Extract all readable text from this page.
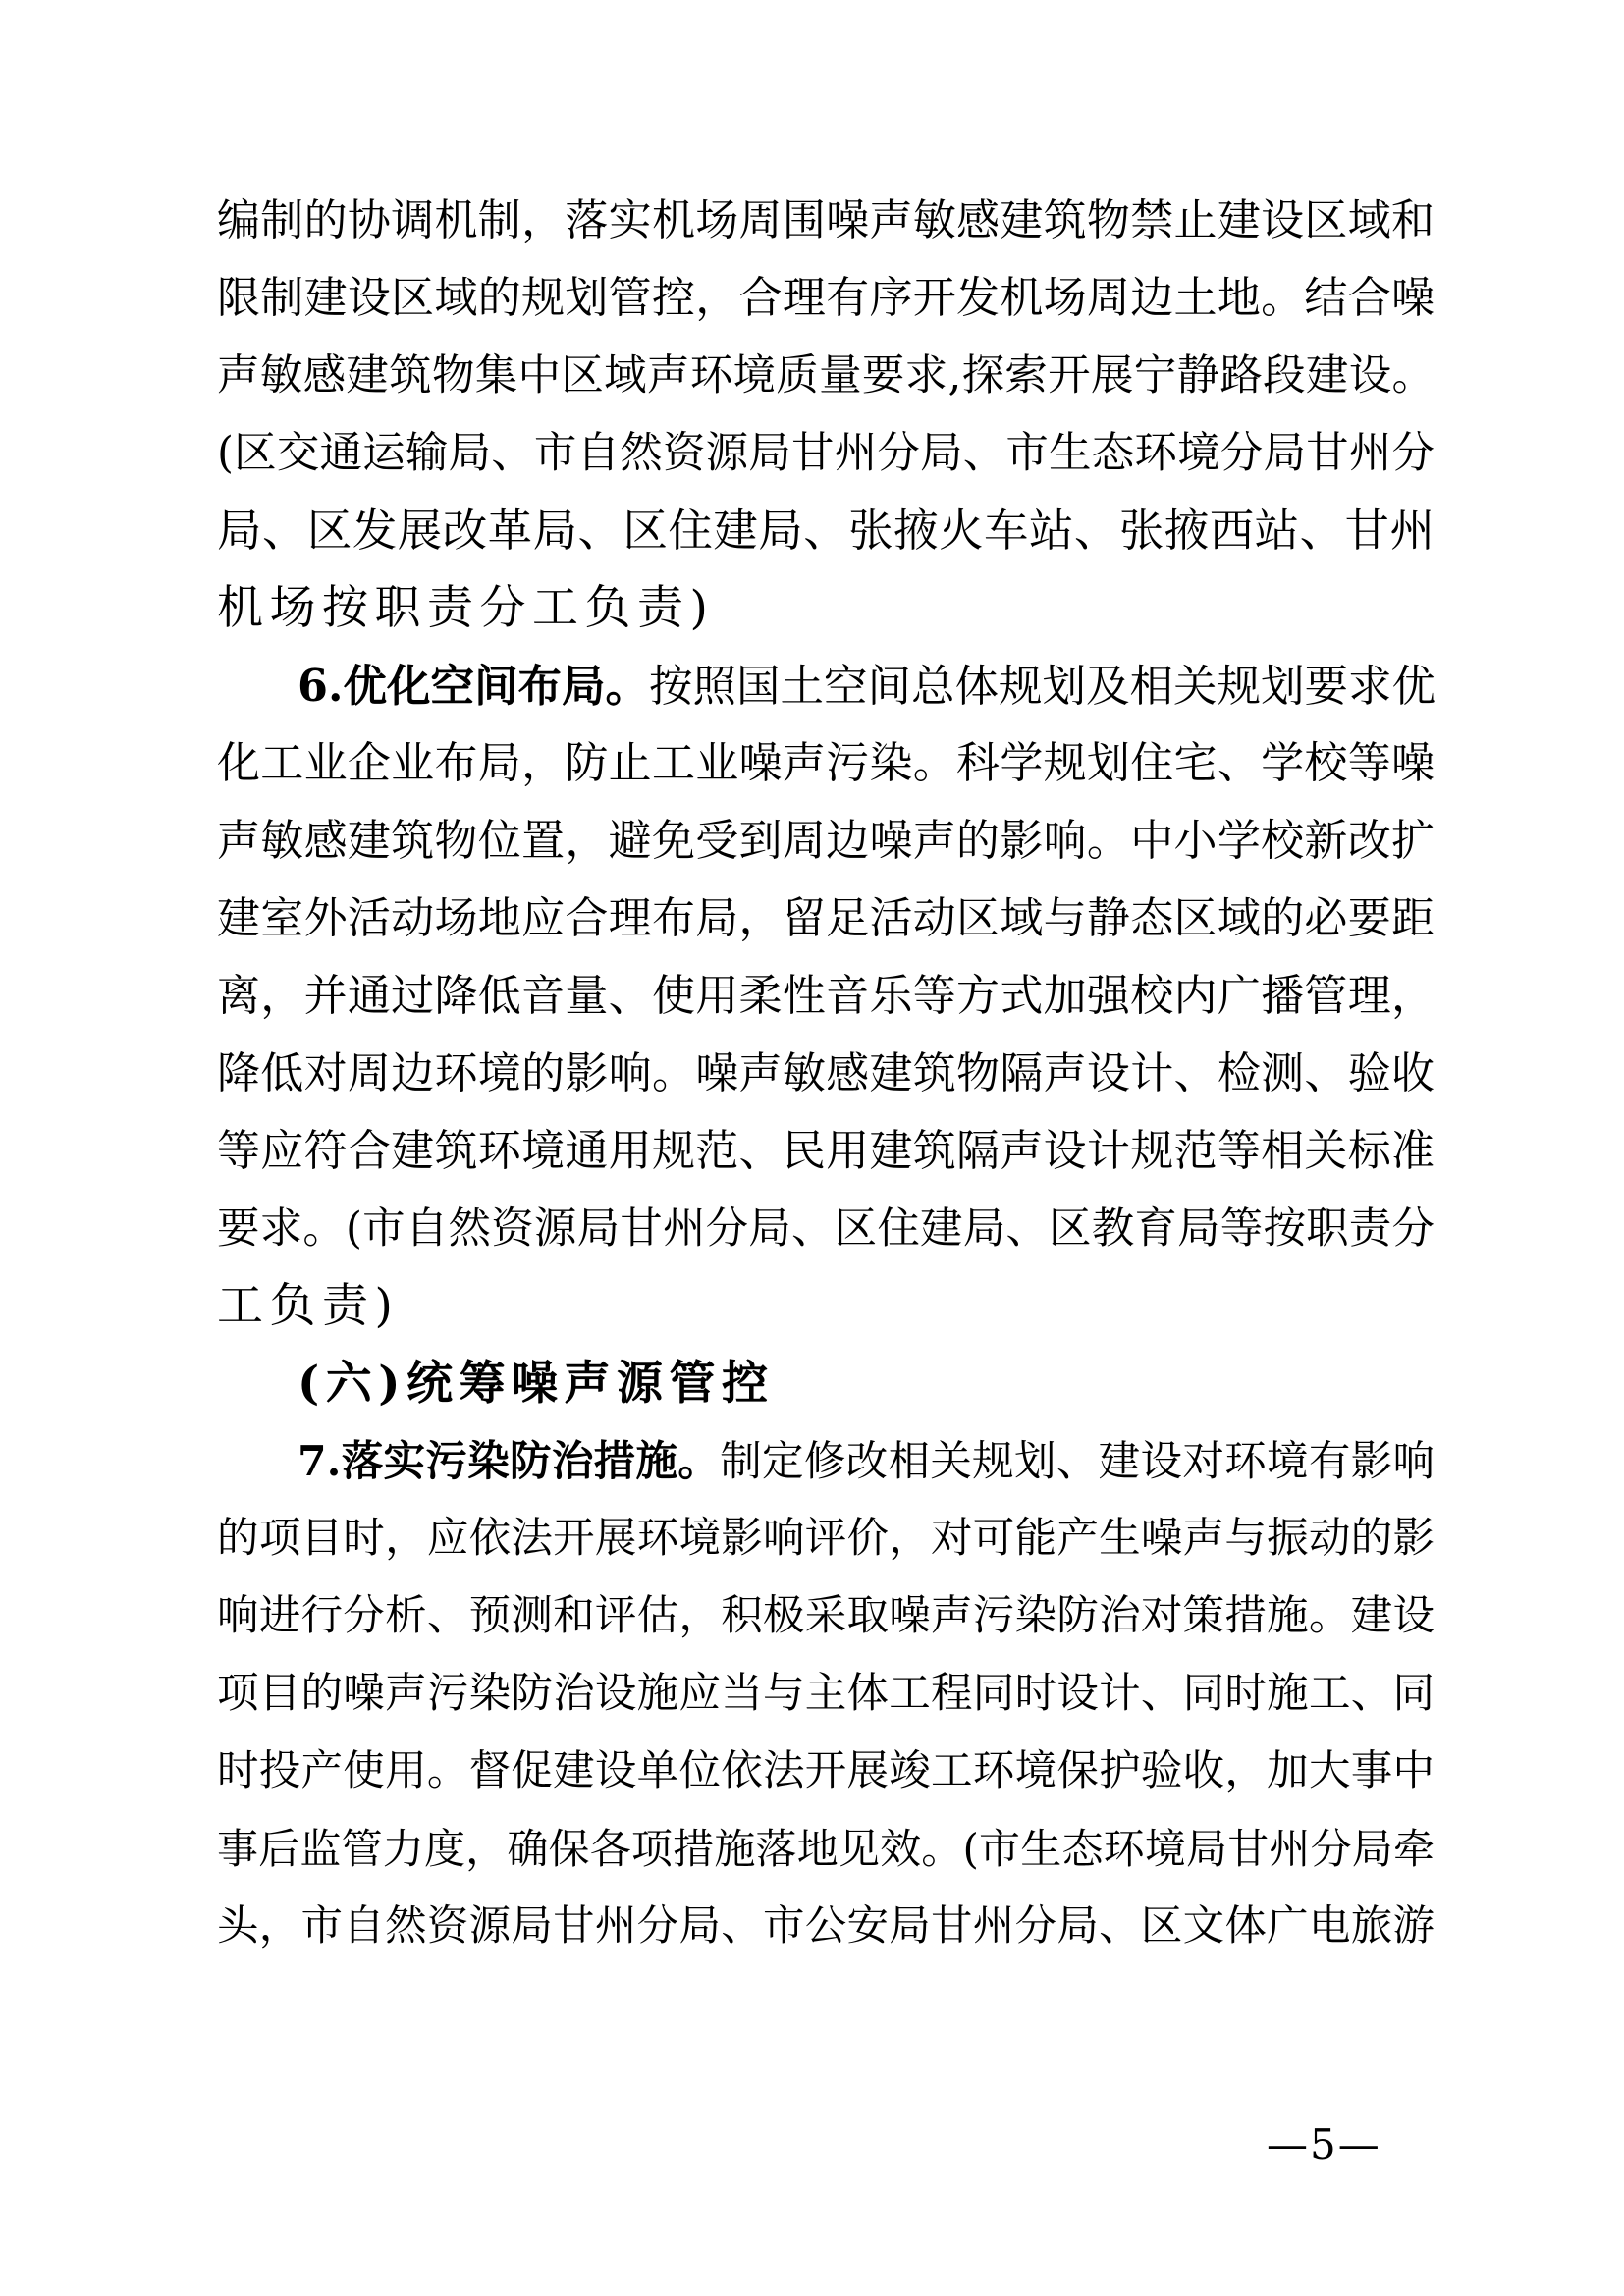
编制的协调机制，落实机场周围噪声敏感建筑物禁止建设区域和
限制建设区域的规划管控，合理有序开发机场周边土地。结合噪
声敏感建筑物集中区域声环境质量要求,探索开展宁静路段建设。
(区交通运输局、市自然资源局甘州分局、市生态环境分局甘州分
局、区发展改革局、区住建局、张掖火车站、张掖西站、甘州
机场按职责分工负责)
6.优化空间布局。按照国土空间总体规划及相关规划要求优
化工业企业布局，防止工业噪声污染。科学规划住宅、学校等噪
声敏感建筑物位置，避免受到周边噪声的影响。中小学校新改扩
建室外活动场地应合理布局，留足活动区域与静态区域的必要距
离，并通过降低音量、使用柔性音乐等方式加强校内广播管理，
降低对周边环境的影响。噪声敏感建筑物隔声设计、检测、验收
等应符合建筑环境通用规范、民用建筑隔声设计规范等相关标准
要求。(市自然资源局甘州分局、区住建局、区教育局等按职责分
工负责)
(六)统筹噪声源管控
7.落实污染防治措施。制定修改相关规划、建设对环境有影响
的项目时，应依法开展环境影响评价，对可能产生噪声与振动的影
响进行分析、预测和评估，积极采取噪声污染防治对策措施。建设
项目的噪声污染防治设施应当与主体工程同时设计、同时施工、同
时投产使用。督促建设单位依法开展竣工环境保护验收，加大事中
事后监管力度，确保各项措施落地见效。(市生态环境局甘州分局牵
头，市自然资源局甘州分局、市公安局甘州分局、区文体广电旅游
—5—
